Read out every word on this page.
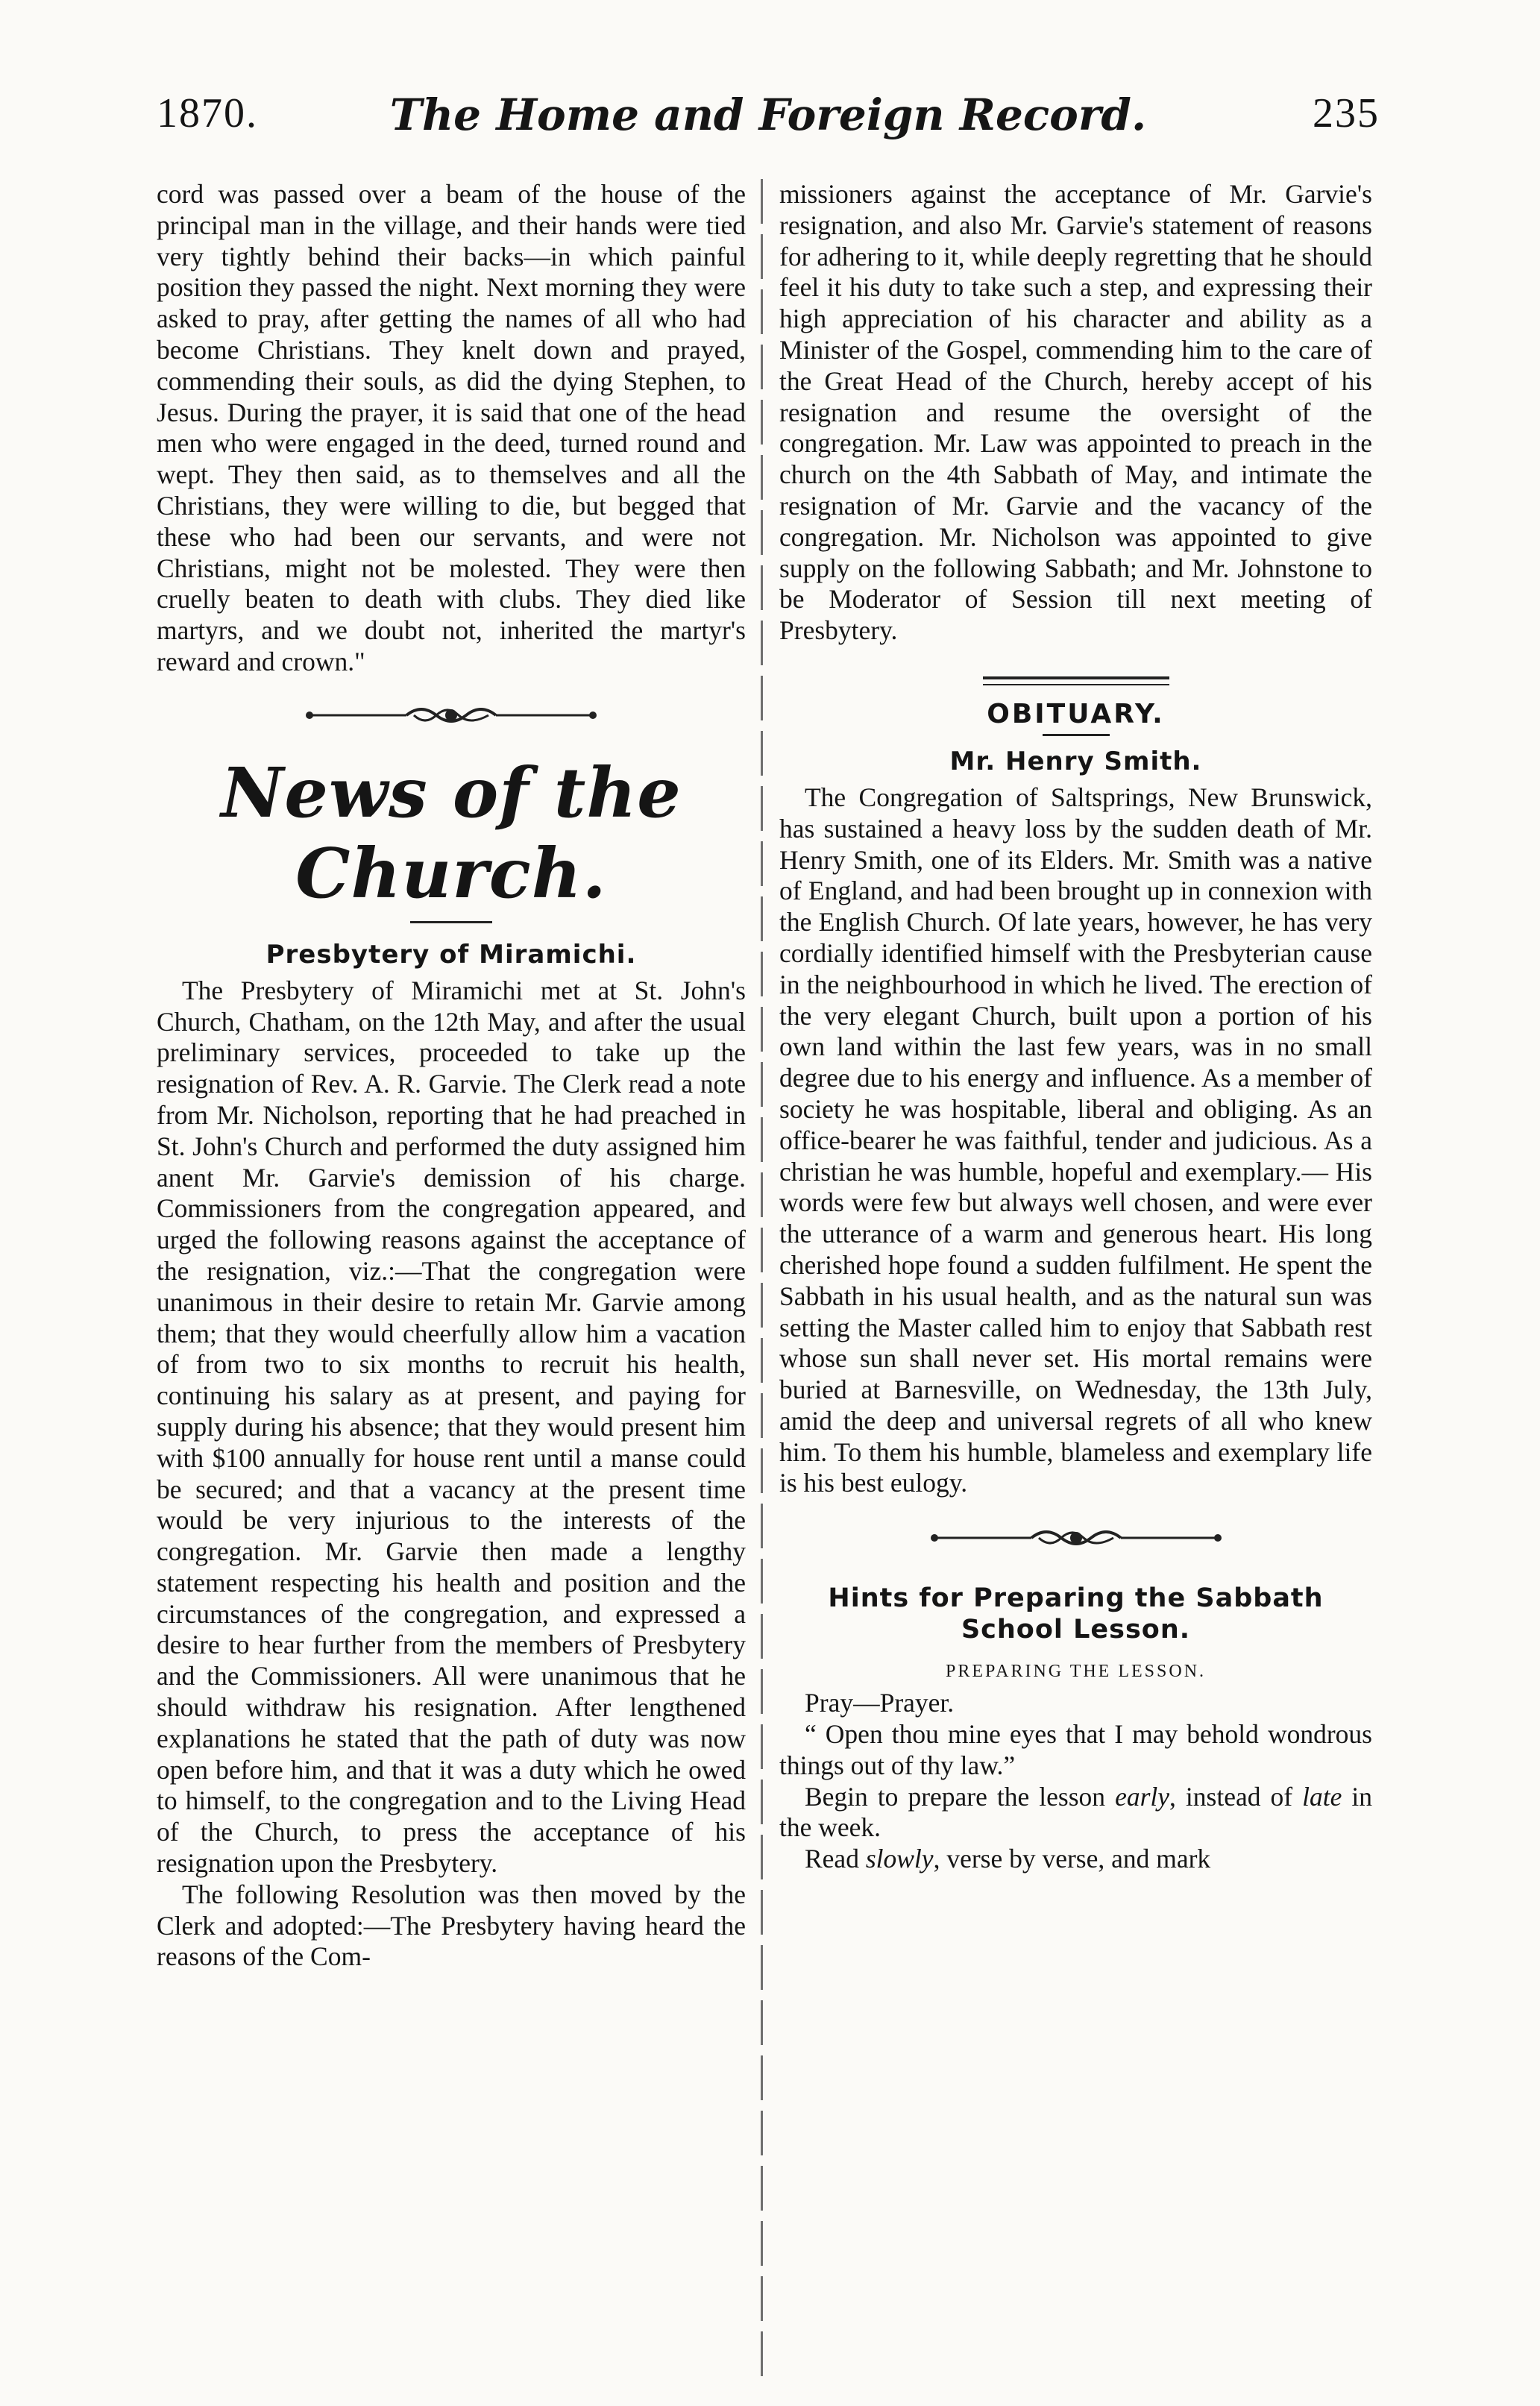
1870.	The Home and Foreign Record.	235

cord was passed over a beam of the house of the principal man in the village, and their hands were tied very tightly behind their backs—in which painful position they passed the night. Next morning they were asked to pray, after getting the names of all who had become Christians. They knelt down and prayed, commending their souls, as did the dying Stephen, to Jesus. During the prayer, it is said that one of the head men who were engaged in the deed, turned round and wept. They then said, as to themselves and all the Christians, they were willing to die, but begged that these who had been our servants, and were not Christians, might not be molested. They were then cruelly beaten to death with clubs. They died like martyrs, and we doubt not, inherited the martyr's reward and crown."

News of the Church.
Presbytery of Miramichi.

The Presbytery of Miramichi met at St. John's Church, Chatham, on the 12th May, and after the usual preliminary services, proceeded to take up the resignation of Rev. A. R. Garvie. The Clerk read a note from Mr. Nicholson, reporting that he had preached in St. John's Church and performed the duty assigned him anent Mr. Garvie's demission of his charge. Commissioners from the congregation appeared, and urged the following reasons against the acceptance of the resignation, viz.:—That the congregation were unanimous in their desire to retain Mr. Garvie among them; that they would cheerfully allow him a vacation of from two to six months to recruit his health, continuing his salary as at present, and paying for supply during his absence; that they would present him with $100 annually for house rent until a manse could be secured; and that a vacancy at the present time would be very injurious to the interests of the congregation. Mr. Garvie then made a lengthy statement respecting his health and position and the circumstances of the congregation, and expressed a desire to hear further from the members of Presbytery and the Commissioners. All were unanimous that he should withdraw his resignation. After lengthened explanations he stated that the path of duty was now open before him, and that it was a duty which he owed to himself, to the congregation and to the Living Head of the Church, to press the acceptance of his resignation upon the Presbytery.

The following Resolution was then moved by the Clerk and adopted:—The Presbytery having heard the reasons of the Com-

missioners against the acceptance of Mr. Garvie's resignation, and also Mr. Garvie's statement of reasons for adhering to it, while deeply regretting that he should feel it his duty to take such a step, and expressing their high appreciation of his character and ability as a Minister of the Gospel, commending him to the care of the Great Head of the Church, hereby accept of his resignation and resume the oversight of the congregation. Mr. Law was appointed to preach in the church on the 4th Sabbath of May, and intimate the resignation of Mr. Garvie and the vacancy of the congregation. Mr. Nicholson was appointed to give supply on the following Sabbath; and Mr. Johnstone to be Moderator of Session till next meeting of Presbytery.

OBITUARY.
Mr. Henry Smith.

The Congregation of Saltsprings, New Brunswick, has sustained a heavy loss by the sudden death of Mr. Henry Smith, one of its Elders. Mr. Smith was a native of England, and had been brought up in connexion with the English Church. Of late years, however, he has very cordially identified himself with the Presbyterian cause in the neighbourhood in which he lived. The erection of the very elegant Church, built upon a portion of his own land within the last few years, was in no small degree due to his energy and influence. As a member of society he was hospitable, liberal and obliging. As an office-bearer he was faithful, tender and judicious. As a christian he was humble, hopeful and exemplary.— His words were few but always well chosen, and were ever the utterance of a warm and generous heart. His long cherished hope found a sudden fulfilment. He spent the Sabbath in his usual health, and as the natural sun was setting the Master called him to enjoy that Sabbath rest whose sun shall never set. His mortal remains were buried at Barnesville, on Wednesday, the 13th July, amid the deep and universal regrets of all who knew him. To them his humble, blameless and exemplary life is his best eulogy.

Hints for Preparing the Sabbath School Lesson.
PREPARING THE LESSON.

Pray—Prayer.

“ Open thou mine eyes that I may behold wondrous things out of thy law.”

Begin to prepare the lesson early, instead of late in the week.

Read slowly, verse by verse, and mark
